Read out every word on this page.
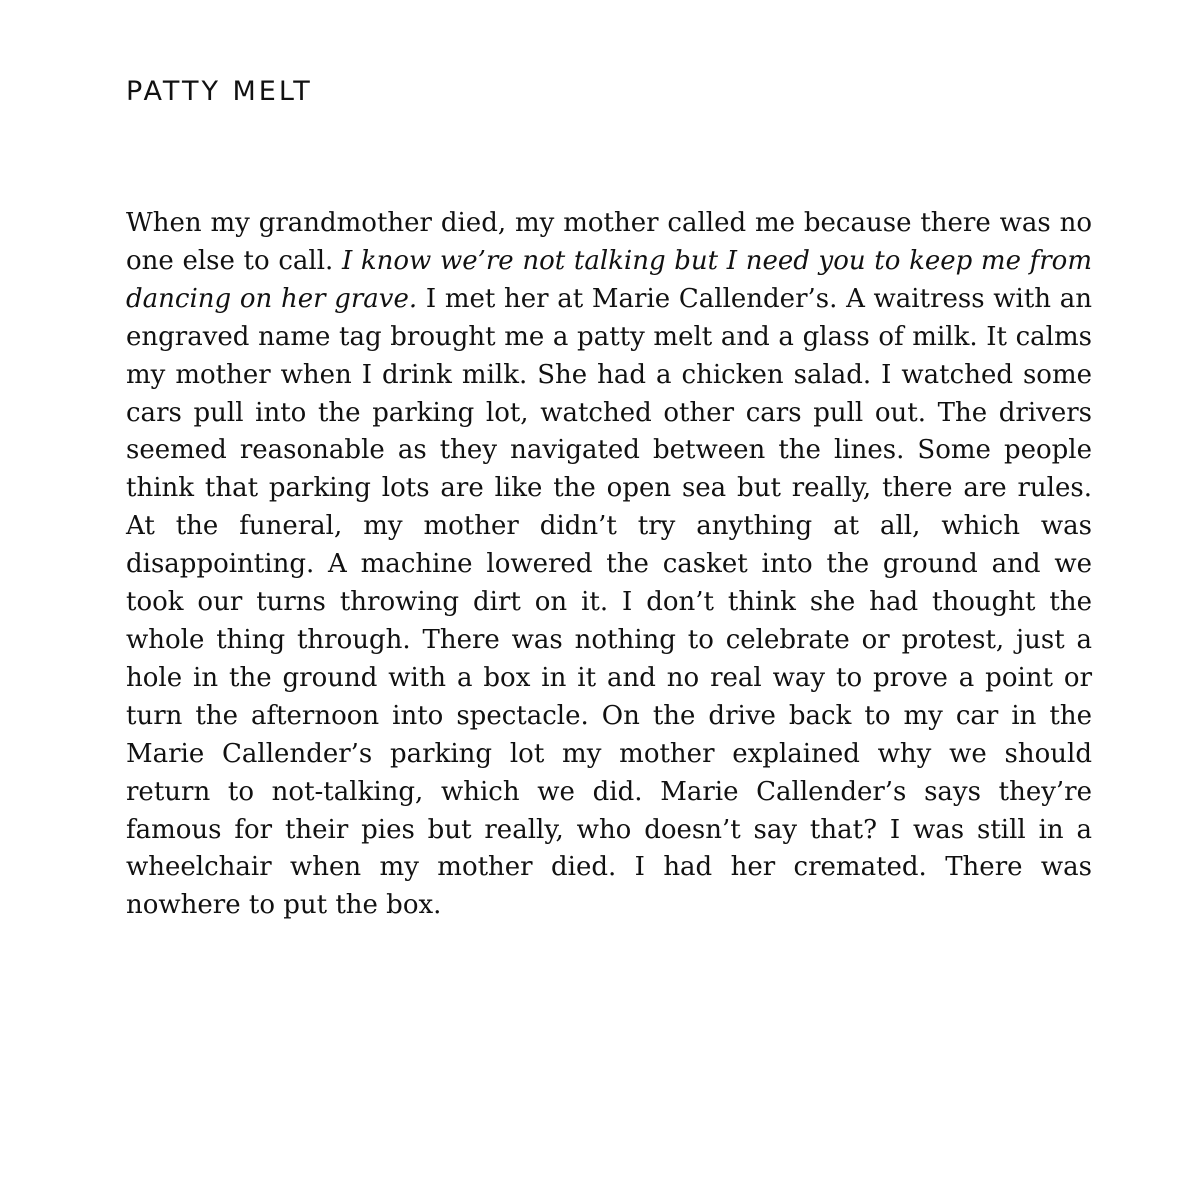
PATTY MELT

When my grandmother died, my mother called me because there was no one else to call. I know we’re not talking but I need you to keep me from dancing on her grave. I met her at Marie Callender’s. A waitress with an engraved name tag brought me a patty melt and a glass of milk. It calms my mother when I drink milk. She had a chicken salad. I watched some cars pull into the parking lot, watched other cars pull out. The drivers seemed reasonable as they navigated between the lines. Some people think that parking lots are like the open sea but really, there are rules. At the funeral, my mother didn’t try anything at all, which was disappointing. A machine lowered the casket into the ground and we took our turns throwing dirt on it. I don’t think she had thought the whole thing through. There was nothing to celebrate or protest, just a hole in the ground with a box in it and no real way to prove a point or turn the afternoon into spectacle. On the drive back to my car in the Marie Callender’s parking lot my mother explained why we should return to not-talking, which we did. Marie Callender’s says they’re famous for their pies but really, who doesn’t say that? I was still in a wheelchair when my mother died. I had her cremated. There was nowhere to put the box.
